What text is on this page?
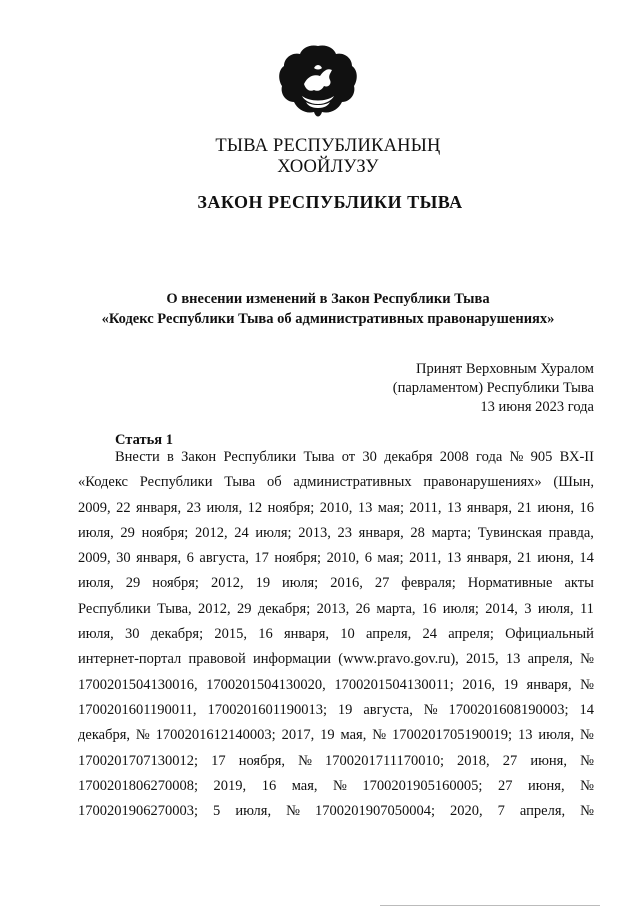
ТЫВА РЕСПУБЛИКАНЫҢ
ХООЙЛУЗУ
ЗАКОН РЕСПУБЛИКИ ТЫВА
О внесении изменений в Закон Республики Тыва
«Кодекс Республики Тыва об административных правонарушениях»
Принят Верховным Хуралом
(парламентом) Республики Тыва
13 июня 2023 года
Статья 1
Внести в Закон Республики Тыва от 30 декабря 2008 года № 905 ВХ-II
«Кодекс Республики Тыва об административных правонарушениях» (Шын,
2009, 22 января, 23 июля, 12 ноября; 2010, 13 мая; 2011, 13 января, 21 июня, 16
июля, 29 ноября; 2012, 24 июля; 2013, 23 января, 28 марта; Тувинская правда,
2009, 30 января, 6 августа, 17 ноября; 2010, 6 мая; 2011, 13 января, 21 июня, 14
июля, 29 ноября; 2012, 19 июля; 2016, 27 февраля; Нормативные акты
Республики Тыва, 2012, 29 декабря; 2013, 26 марта, 16 июля; 2014, 3 июля, 11
июля, 30 декабря; 2015, 16 января, 10 апреля, 24 апреля; Официальный
интернет-портал правовой информации (www.pravo.gov.ru), 2015, 13 апреля, №
1700201504130016, 1700201504130020, 1700201504130011; 2016, 19 января, №
1700201601190011, 1700201601190013; 19 августа, № 1700201608190003; 14
декабря, № 1700201612140003; 2017, 19 мая, № 1700201705190019; 13 июля, №
1700201707130012; 17 ноября, № 1700201711170010; 2018, 27 июня, №
1700201806270008; 2019, 16 мая, № 1700201905160005; 27 июня, №
1700201906270003; 5 июля, № 1700201907050004; 2020, 7 апреля, №
